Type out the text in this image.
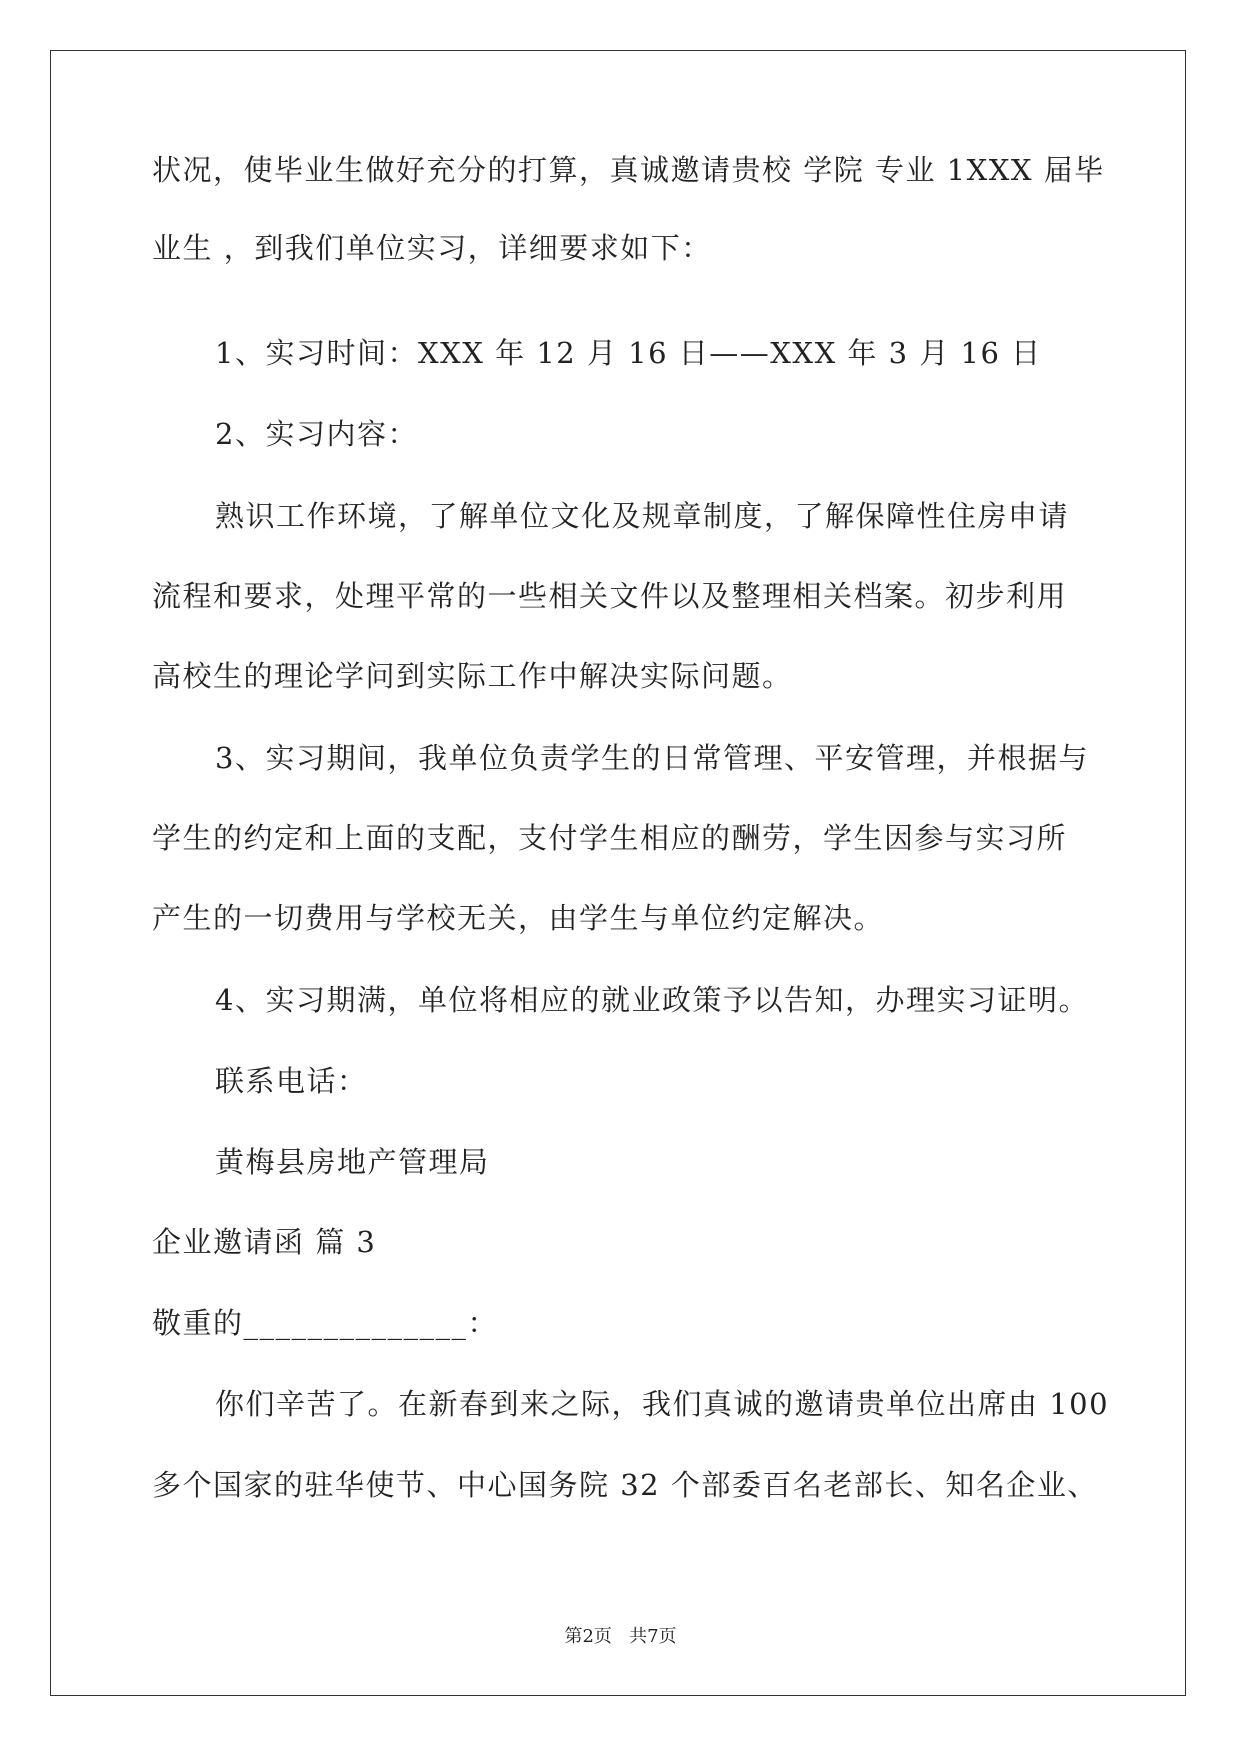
状况，使毕业生做好充分的打算，真诚邀请贵校 学院 专业 1XXX 届毕
业生 ，到我们单位实习，详细要求如下：
1、实习时间：XXX 年 12 月 16 日——XXX 年 3 月 16 日
2、实习内容：
熟识工作环境，了解单位文化及规章制度，了解保障性住房申请
流程和要求，处理平常的一些相关文件以及整理相关档案。初步利用
高校生的理论学问到实际工作中解决实际问题。
3、实习期间，我单位负责学生的日常管理、平安管理，并根据与
学生的约定和上面的支配，支付学生相应的酬劳，学生因参与实习所
产生的一切费用与学校无关，由学生与单位约定解决。
4、实习期满，单位将相应的就业政策予以告知，办理实习证明。
联系电话：
黄梅县房地产管理局
企业邀请函 篇 3
敬重的______________：
你们辛苦了。在新春到来之际，我们真诚的邀请贵单位出席由 100
多个国家的驻华使节、中心国务院 32 个部委百名老部长、知名企业、
第2页 共7页
